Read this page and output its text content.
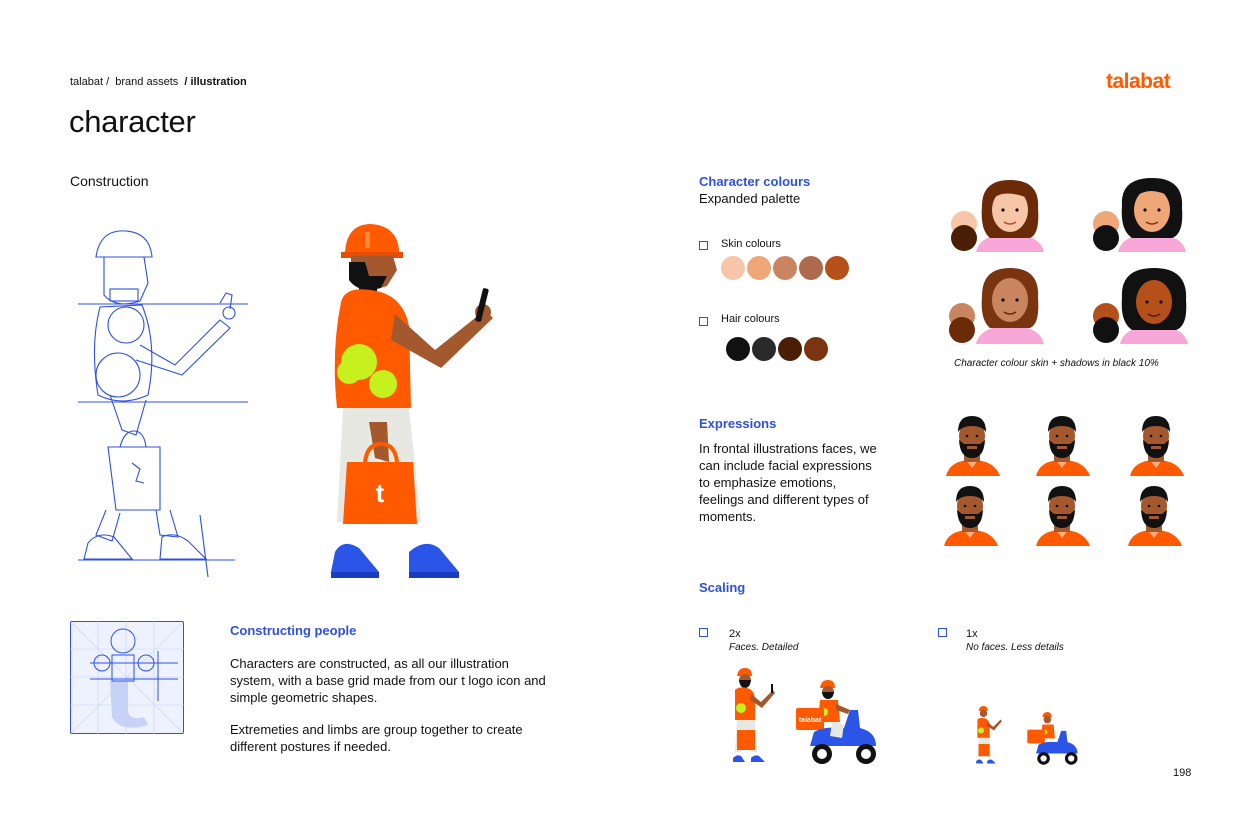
talabat / brand assets / illustration	talabat
character
Construction
t
Constructing people
Characters are constructed, as all our illustration system, with a base grid made from our t logo icon and simple geometric shapes.
Extremeties and limbs are group together to create different postures if needed.
Character colours
Expanded palette
Skin colours
Hair colours
Character colour skin + shadows in black 10%
Expressions
In frontal illustrations faces, we can include facial expressions to emphasize emotions, feelings and different types of moments.
Scaling
2x
Faces. Detailed
1x
No faces. Less details
talabat
198
